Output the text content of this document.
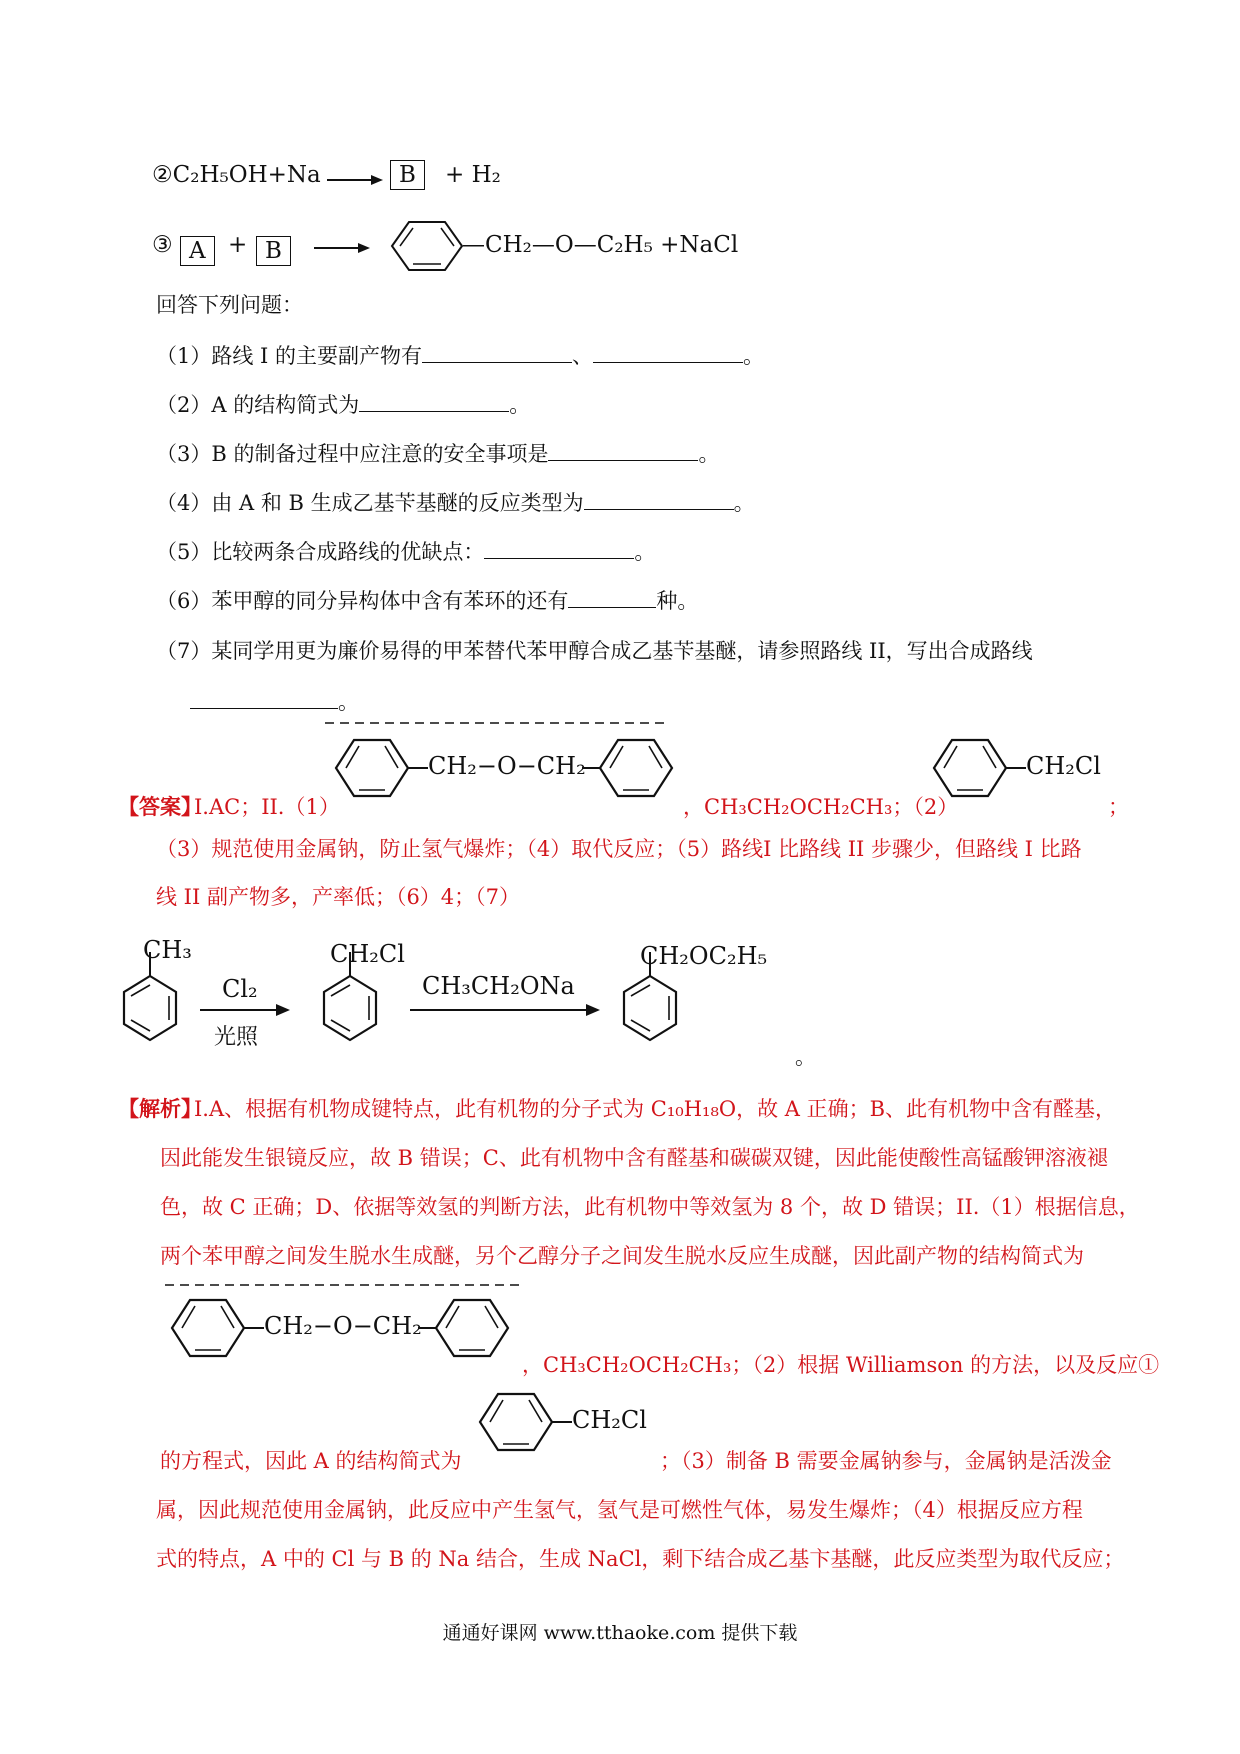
②C₂H₅OH+Na → B	+ H₂
③ A + B	—CH₂—O—C₂H₅ +NaCl
回答下列问题：
（1）路线 I 的主要副产物有	、	。
（2）A 的结构简式为	。
（3）B 的制备过程中应注意的安全事项是	。
（4）由 A 和 B 生成乙基苄基醚的反应类型为	。
（5）比较两条合成路线的优缺点：	。
（6）苯甲醇的同分异构体中含有苯环的还有	种。
（7）某同学用更为廉价易得的甲苯替代苯甲醇合成乙基苄基醚，请参照路线 II，写出合成路线
。
CH₂−O−CH₂	CH₂Cl
【答案】
I.AC；II.（1）	，CH₃CH₂OCH₂CH₃；（2）	；
（3）规范使用金属钠，防止氢气爆炸；（4）取代反应；（5）路线I 比路线 II 步骤少，但路线 I 比路
线 II 副产物多，产率低；（6）4；（7）
CH₃
Cl₂
光照
CH₂Cl
CH₃CH₂ONa
CH₂OC₂H₅
。
【解析】
I.A、根据有机物成键特点，此有机物的分子式为 C₁₀H₁₈O，故 A 正确；B、此有机物中含有醛基，
因此能发生银镜反应，故 B 错误；C、此有机物中含有醛基和碳碳双键，因此能使酸性高锰酸钾溶液褪
色，故 C 正确；D、依据等效氢的判断方法，此有机物中等效氢为 8 个，故 D 错误；II.（1）根据信息，
两个苯甲醇之间发生脱水生成醚，另个乙醇分子之间发生脱水反应生成醚，因此副产物的结构简式为
CH₂−O−CH₂
，CH₃CH₂OCH₂CH₃；（2）根据 Williamson 的方法，以及反应①
CH₂Cl
的方程式，因此 A 的结构简式为	；（3）制备 B 需要金属钠参与，金属钠是活泼金
属，因此规范使用金属钠，此反应中产生氢气，氢气是可燃性气体，易发生爆炸；（4）根据反应方程
式的特点，A 中的 Cl 与 B 的 Na 结合，生成 NaCl，剩下结合成乙基卞基醚，此反应类型为取代反应；
通通好课网 www.tthaoke.com 提供下载
